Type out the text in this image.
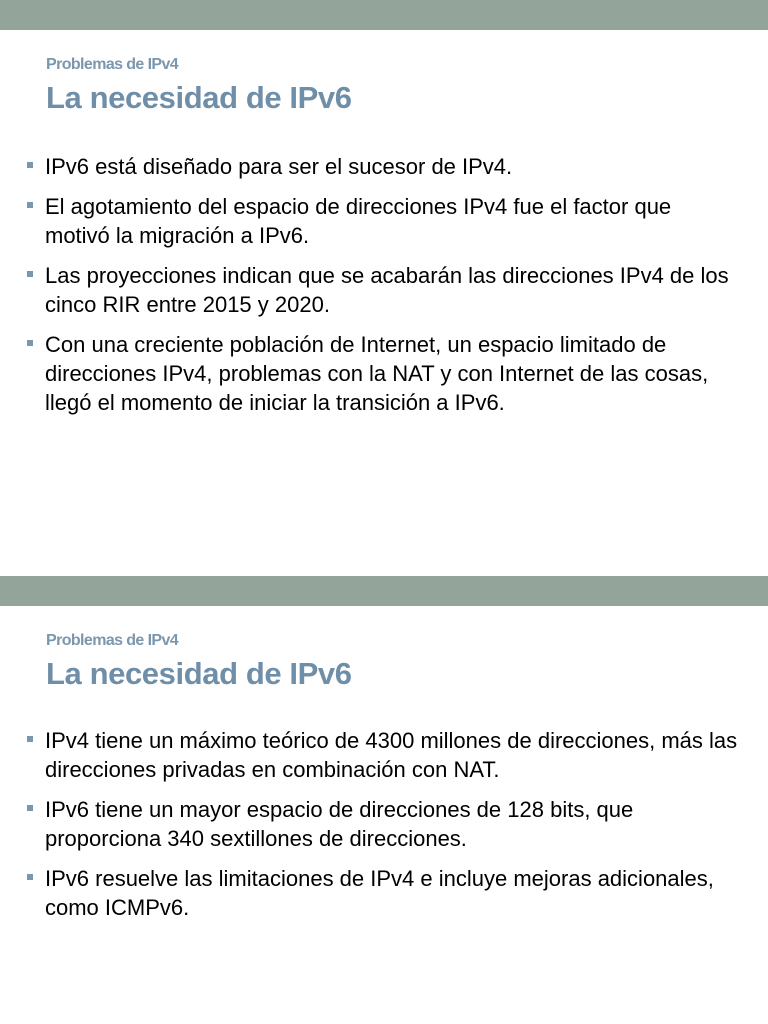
Problemas de IPv4
La necesidad de IPv6
IPv6 está diseñado para ser el sucesor de IPv4.
El agotamiento del espacio de direcciones IPv4 fue el factor que motivó la migración a IPv6.
Las proyecciones indican que se acabarán las direcciones IPv4 de los cinco RIR entre 2015 y 2020.
Con una creciente población de Internet, un espacio limitado de direcciones IPv4, problemas con la NAT y con Internet de las cosas, llegó el momento de iniciar la transición a IPv6.
Problemas de IPv4
La necesidad de IPv6
IPv4 tiene un máximo teórico de 4300 millones de direcciones, más las direcciones privadas en combinación con NAT.
IPv6 tiene un mayor espacio de direcciones de 128 bits, que proporciona 340 sextillones de direcciones.
IPv6 resuelve las limitaciones de IPv4 e incluye mejoras adicionales, como ICMPv6.
